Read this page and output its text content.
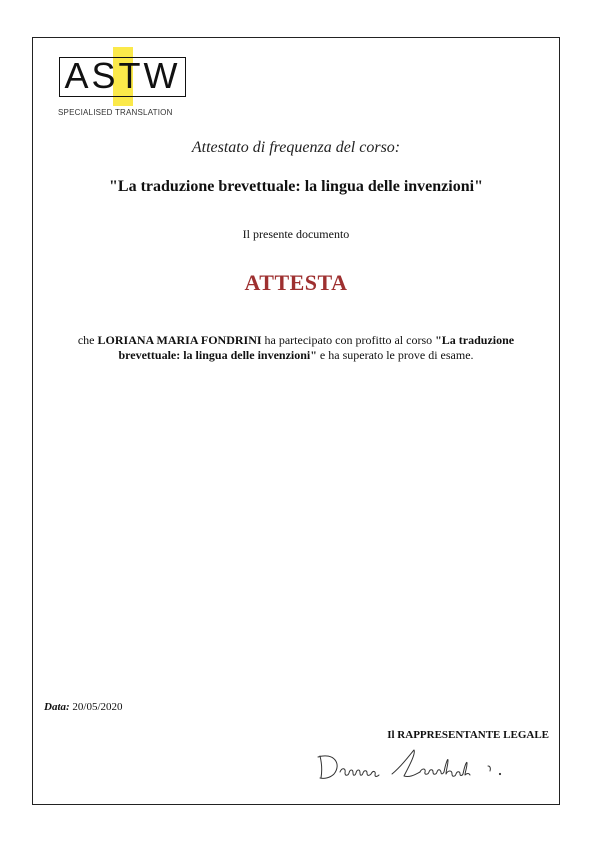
ASTW
SPECIALISED TRANSLATION
Attestato di frequenza del corso:
"La traduzione brevettuale: la lingua delle invenzioni"
Il presente documento
ATTESTA
che LORIANA MARIA FONDRINI ha partecipato con profitto al corso "La traduzione brevettuale: la lingua delle invenzioni" e ha superato le prove di esame.
Data: 20/05/2020
Il RAPPRESENTANTE LEGALE
